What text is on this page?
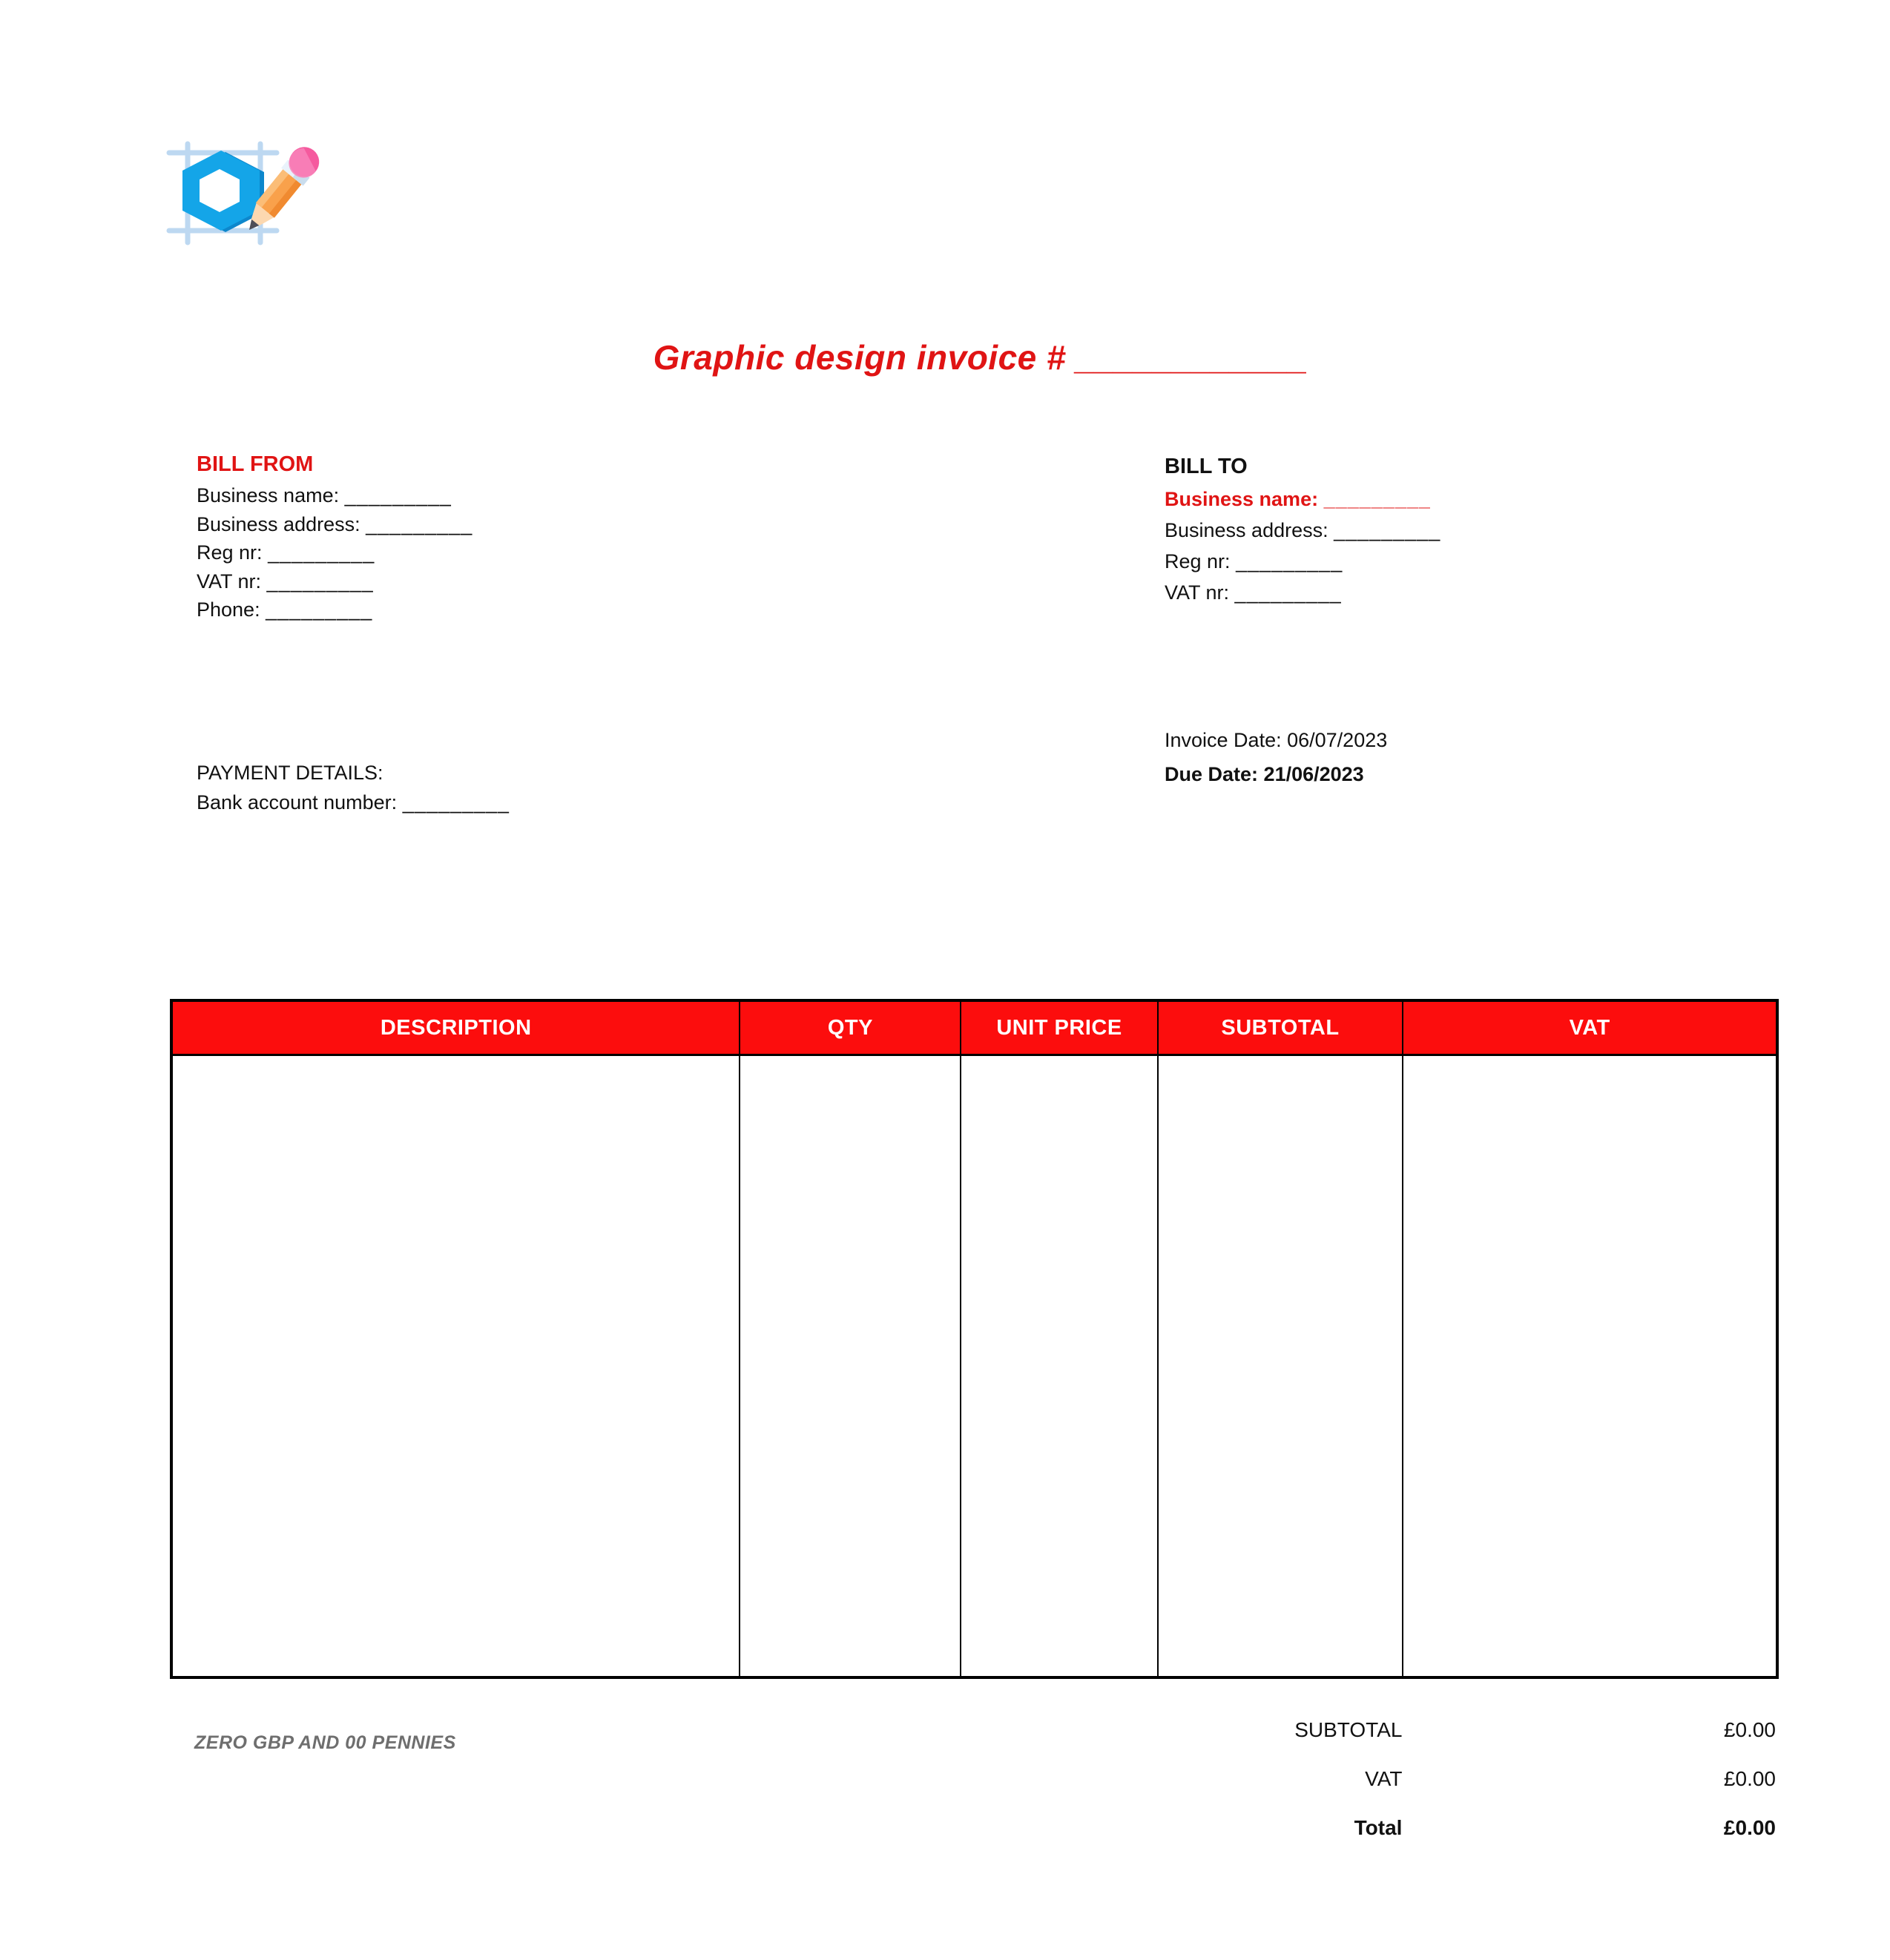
Graphic design invoice # ____________
BILL FROM
Business name: _________
Business address: _________
Reg nr: _________
VAT nr: _________
Phone: _________
BILL TO
Business name: _________
Business address: _________
Reg nr: _________
VAT nr: _________
Invoice Date: 06/07/2023
Due Date: 21/06/2023
PAYMENT DETAILS:
Bank account number: _________
DESCRIPTION	QTY	UNIT PRICE	SUBTOTAL	VAT
SUBTOTAL	£0.00
VAT	£0.00
Total	£0.00
ZERO GBP AND 00 PENNIES
